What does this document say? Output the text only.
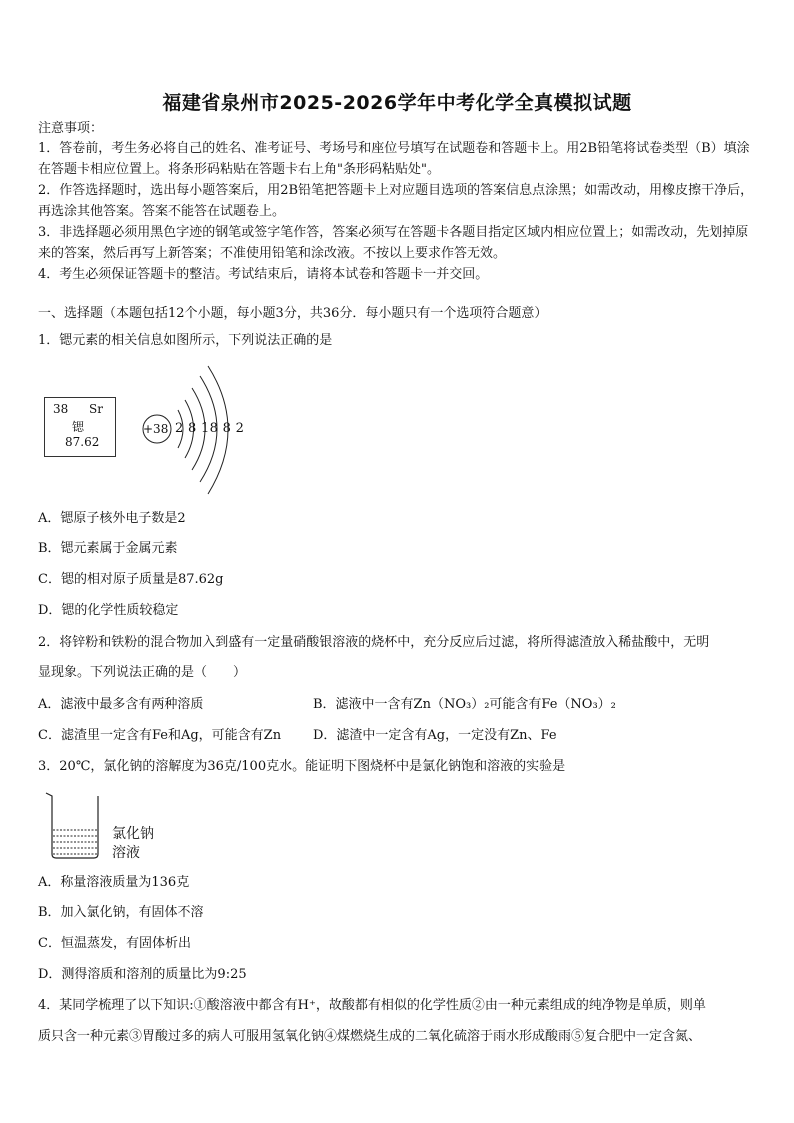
福建省泉州市2025-2026学年中考化学全真模拟试题
注意事项：
1．答卷前，考生务必将自己的姓名、准考证号、考场号和座位号填写在试题卷和答题卡上。用2B铅笔将试卷类型（B）填涂在答题卡相应位置上。将条形码粘贴在答题卡右上角"条形码粘贴处"。
2．作答选择题时，选出每小题答案后，用2B铅笔把答题卡上对应题目选项的答案信息点涂黑；如需改动，用橡皮擦干净后，再选涂其他答案。答案不能答在试题卷上。
3．非选择题必须用黑色字迹的钢笔或签字笔作答，答案必须写在答题卡各题目指定区域内相应位置上；如需改动，先划掉原来的答案，然后再写上新答案；不准使用铅笔和涂改液。不按以上要求作答无效。
4．考生必须保证答题卡的整洁。考试结束后，请将本试卷和答题卡一并交回。
一、选择题（本题包括12个小题，每小题3分，共36分．每小题只有一个选项符合题意）
1．锶元素的相关信息如图所示，下列说法正确的是
38 Sr
锶
87.62
+38 2 8 18 8 2
A．锶原子核外电子数是2
B．锶元素属于金属元素
C．锶的相对原子质量是87.62g
D．锶的化学性质较稳定
2．将锌粉和铁粉的混合物加入到盛有一定量硝酸银溶液的烧杯中，充分反应后过滤，将所得滤渣放入稀盐酸中，无明
显现象。下列说法正确的是（　　）
A．滤液中最多含有两种溶质	B．滤液中一含有Zn（NO₃）₂可能含有Fe（NO₃）₂
C．滤渣里一定含有Fe和Ag，可能含有Zn D．滤渣中一定含有Ag，一定没有Zn、Fe
3．20℃，氯化钠的溶解度为36克/100克水。能证明下图烧杯中是氯化钠饱和溶液的实验是
氯化钠
溶液
A．称量溶液质量为136克
B．加入氯化钠，有固体不溶
C．恒温蒸发，有固体析出
D．测得溶质和溶剂的质量比为9:25
4．某同学梳理了以下知识:①酸溶液中都含有H⁺，故酸都有相似的化学性质②由一种元素组成的纯净物是单质，则单
质只含一种元素③胃酸过多的病人可服用氢氧化钠④煤燃烧生成的二氧化硫溶于雨水形成酸雨⑤复合肥中一定含氮、
